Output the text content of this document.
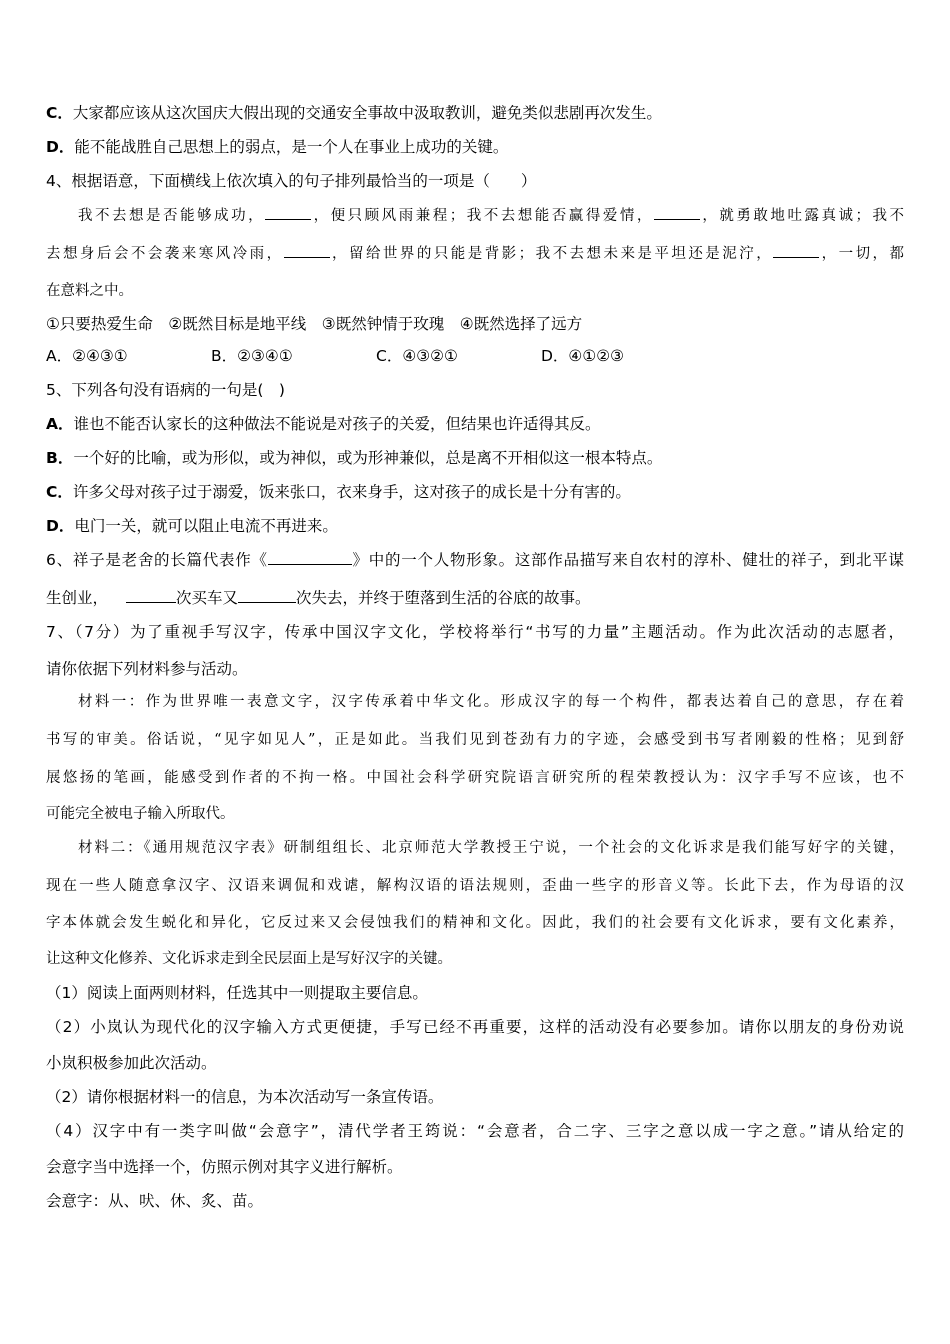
C．大家都应该从这次国庆大假出现的交通安全事故中汲取教训，避免类似悲剧再次发生。
D．能不能战胜自己思想上的弱点，是一个人在事业上成功的关键。
4、根据语意，下面横线上依次填入的句子排列最恰当的一项是（　　）
我不去想是否能够成功，	，便只顾风雨兼程；我不去想能否赢得爱情，	，就勇敢地吐露真诚；我不
去想身后会不会袭来寒风冷雨，	，留给世界的只能是背影；我不去想未来是平坦还是泥泞，	，一切，都
在意料之中。
①只要热爱生命　②既然目标是地平线　③既然钟情于玫瑰　④既然选择了远方
A．②④③①	B．②③④①	C．④③②①	D．④①②③
5、下列各句没有语病的一句是(　)
A．谁也不能否认家长的这种做法不能说是对孩子的关爱，但结果也许适得其反。
B．一个好的比喻，或为形似，或为神似，或为形神兼似，总是离不开相似这一根本特点。
C．许多父母对孩子过于溺爱，饭来张口，衣来身手，这对孩子的成长是十分有害的。
D．电门一关，就可以阻止电流不再进来。
6、祥子是老舍的长篇代表作《	》中的一个人物形象。这部作品描写来自农村的淳朴、健壮的祥子，到北平谋
生创业，	次买车又	次失去，并终于堕落到生活的谷底的故事。
7、（7分）为了重视手写汉字，传承中国汉字文化，学校将举行“书写的力量”主题活动。作为此次活动的志愿者，
请你依据下列材料参与活动。
材料一：作为世界唯一表意文字，汉字传承着中华文化。形成汉字的每一个构件，都表达着自己的意思，存在着
书写的审美。俗话说，“见字如见人”，正是如此。当我们见到苍劲有力的字迹，会感受到书写者刚毅的性格；见到舒
展悠扬的笔画，能感受到作者的不拘一格。中国社会科学研究院语言研究所的程荣教授认为：汉字手写不应该，也不
可能完全被电子输入所取代。
材料二：《通用规范汉字表》研制组组长、北京师范大学教授王宁说，一个社会的文化诉求是我们能写好字的关键，
现在一些人随意拿汉字、汉语来调侃和戏谑，解构汉语的语法规则，歪曲一些字的形音义等。长此下去，作为母语的汉
字本体就会发生蜕化和异化，它反过来又会侵蚀我们的精神和文化。因此，我们的社会要有文化诉求，要有文化素养，
让这种文化修养、文化诉求走到全民层面上是写好汉字的关键。
（1）阅读上面两则材料，任选其中一则提取主要信息。
（2）小岚认为现代化的汉字输入方式更便捷，手写已经不再重要，这样的活动没有必要参加。请你以朋友的身份劝说
小岚积极参加此次活动。
（2）请你根据材料一的信息，为本次活动写一条宣传语。
（4）汉字中有一类字叫做“会意字”，清代学者王筠说：“会意者，合二字、三字之意以成一字之意。”请从给定的
会意字当中选择一个，仿照示例对其字义进行解析。
会意字：从、吠、休、炙、苗。
